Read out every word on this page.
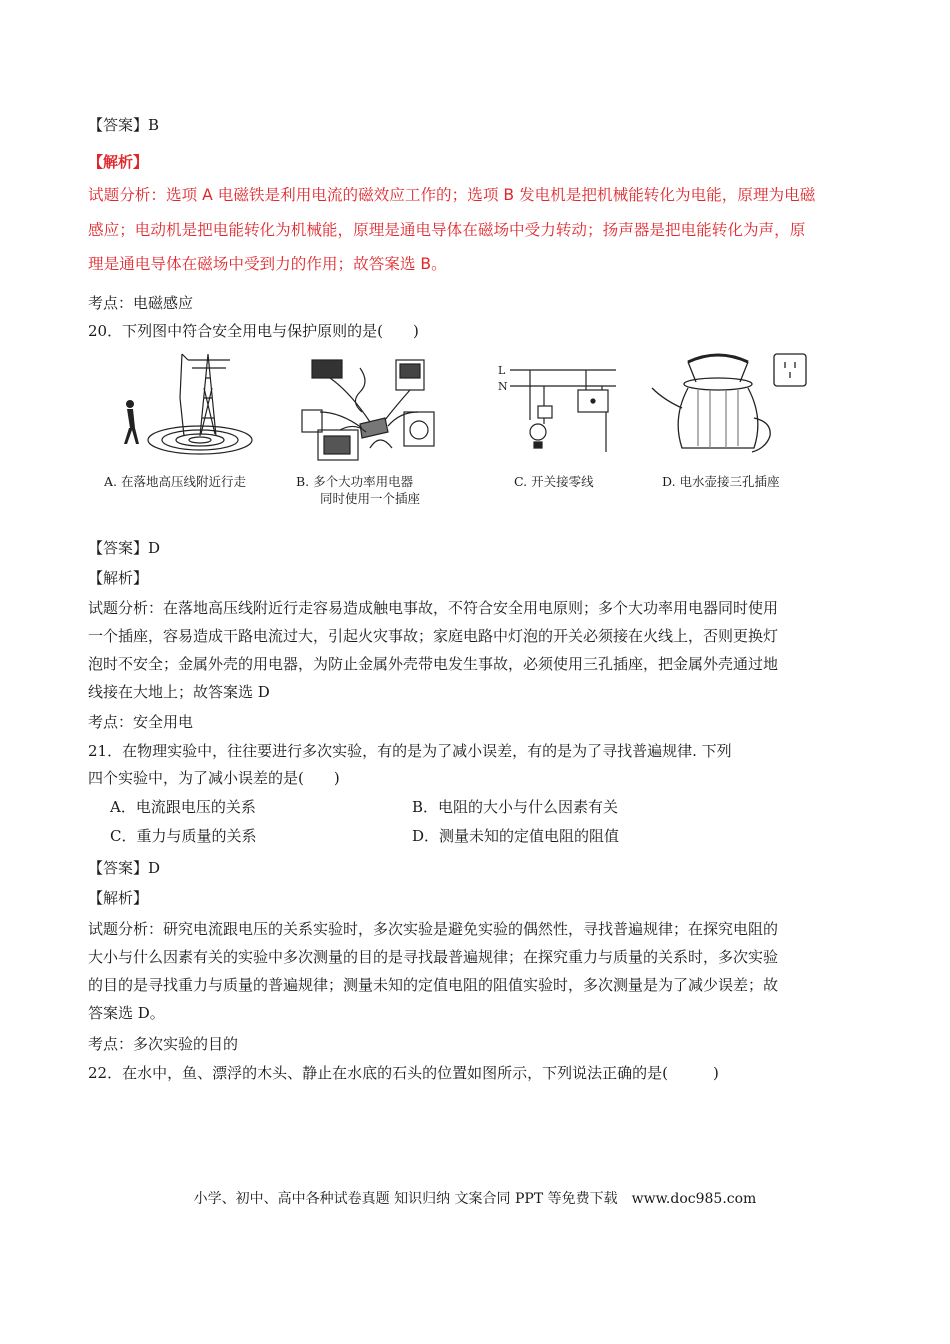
【答案】B
【解析】
试题分析：选项 A 电磁铁是利用电流的磁效应工作的；选项 B 发电机是把机械能转化为电能，原理为电磁
感应；电动机是把电能转化为机械能，原理是通电导体在磁场中受力转动；扬声器是把电能转化为声，原
理是通电导体在磁场中受到力的作用；故答案选 B。
考点：电磁感应
20．下列图中符合安全用电与保护原则的是(　　)
L
N
A. 在落地高压线附近行走	B. 多个大功率用电器
同时使用一个插座
C. 开关接零线	D. 电水壶接三孔插座
【答案】D
【解析】
试题分析：在落地高压线附近行走容易造成触电事故，不符合安全用电原则；多个大功率用电器同时使用
一个插座，容易造成干路电流过大，引起火灾事故；家庭电路中灯泡的开关必须接在火线上，否则更换灯
泡时不安全；金属外壳的用电器，为防止金属外壳带电发生事故，必须使用三孔插座，把金属外壳通过地
线接在大地上；故答案选 D
考点：安全用电
21．在物理实验中，往往要进行多次实验，有的是为了减小误差，有的是为了寻找普遍规律. 下列
四个实验中，为了减小误差的是(　　)
A．电流跟电压的关系	B．电阻的大小与什么因素有关
C．重力与质量的关系	D．测量未知的定值电阻的阻值
【答案】D
【解析】
试题分析：研究电流跟电压的关系实验时，多次实验是避免实验的偶然性，寻找普遍规律；在探究电阻的
大小与什么因素有关的实验中多次测量的目的是寻找最普遍规律；在探究重力与质量的关系时，多次实验
的目的是寻找重力与质量的普遍规律；测量未知的定值电阻的阻值实验时，多次测量是为了减少误差；故
答案选 D。
考点：多次实验的目的
22．在水中，鱼、漂浮的木头、静止在水底的石头的位置如图所示，下列说法正确的是(　　　)
小学、初中、高中各种试卷真题 知识归纳 文案合同 PPT 等免费下载　www.doc985.com
